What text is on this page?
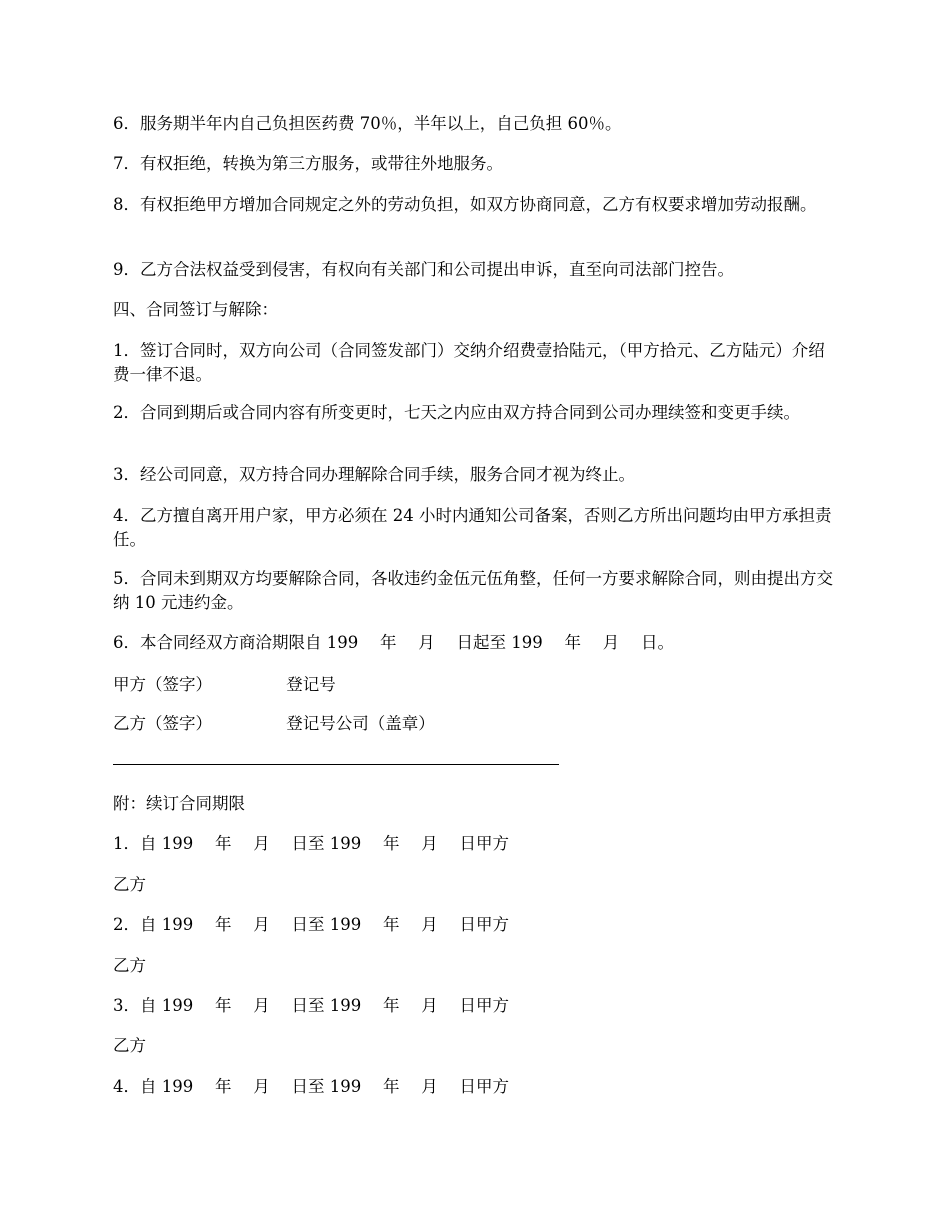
6．服务期半年内自己负担医药费 70％，半年以上，自己负担 60％。

7．有权拒绝，转换为第三方服务，或带往外地服务。

8．有权拒绝甲方增加合同规定之外的劳动负担，如双方协商同意，乙方有权要求增加劳动报酬。

9．乙方合法权益受到侵害，有权向有关部门和公司提出申诉，直至向司法部门控告。

四、合同签订与解除：

1．签订合同时，双方向公司（合同签发部门）交纳介绍费壹拾陆元，（甲方拾元、乙方陆元）介绍费一律不退。

2．合同到期后或合同内容有所变更时，七天之内应由双方持合同到公司办理续签和变更手续。

3．经公司同意，双方持合同办理解除合同手续，服务合同才视为终止。

4．乙方擅自离开用户家，甲方必须在 24 小时内通知公司备案，否则乙方所出问题均由甲方承担责任。

5．合同未到期双方均要解除合同，各收违约金伍元伍角整，任何一方要求解除合同，则由提出方交纳 10 元违约金。

6．本合同经双方商洽期限自 199　 年　 月　 日起至 199　 年　 月　 日。

甲方（签字）　　　　　登记号

乙方（签字）　　　　　登记号公司（盖章）

附：续订合同期限

1．自 199　 年　 月　 日至 199　 年　 月　 日甲方

乙方

2．自 199　 年　 月　 日至 199　 年　 月　 日甲方

乙方

3．自 199　 年　 月　 日至 199　 年　 月　 日甲方

乙方

4．自 199　 年　 月　 日至 199　 年　 月　 日甲方
